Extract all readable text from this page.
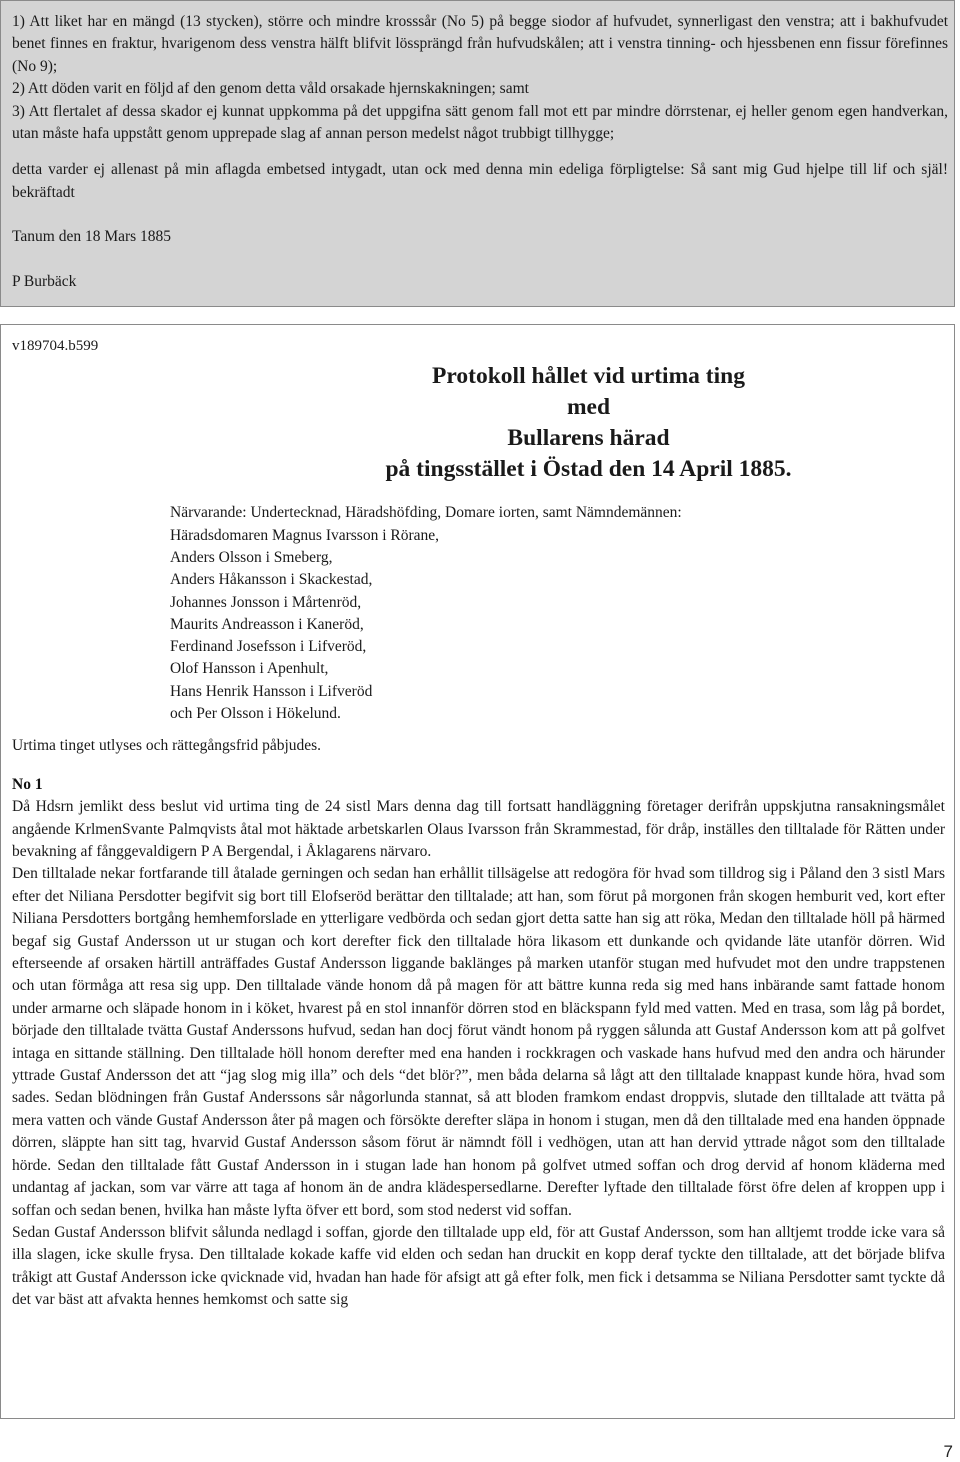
1) Att liket har en mängd (13 stycken), större och mindre krosssår (No 5) på begge siodor af hufvudet, synnerligast den venstra; att i bakhufvudet benet finnes en fraktur, hvarigenom dess venstra hälft blifvit lössprängd från hufvudskålen; att i venstra tinning- och hjessbenen enn fissur förefinnes (No 9);

2) Att döden varit en följd af den genom detta våld orsakade hjernskakningen; samt

3) Att flertalet af dessa skador ej kunnat uppkomma på det uppgifna sätt genom fall mot ett par mindre dörrstenar, ej heller genom egen handverkan, utan måste hafa uppstått genom upprepade slag af annan person medelst något trubbigt tillhygge;

detta varder ej allenast på min aflagda embetsed intygadt, utan ock med denna min edeliga förpligtelse: Så sant mig Gud hjelpe till lif och själ! bekräftadt

Tanum den 18 Mars 1885

P Burbäck

v189704.b599

Protokoll hållet vid urtima ting
med
Bullarens härad
på tingsstället i Östad den 14 April 1885.
Närvarande: Undertecknad, Häradshöfding, Domare iorten, samt Nämndemännen:
Häradsdomaren Magnus Ivarsson i Rörane,
Anders Olsson i Smeberg,
Anders Håkansson i Skackestad,
Johannes Jonsson i Mårtenröd,
Maurits Andreasson i Kaneröd,
Ferdinand Josefsson i Lifveröd,
Olof Hansson i Apenhult,
Hans Henrik Hansson i Lifveröd
och Per Olsson i Hökelund.

Urtima tinget utlyses och rättegångsfrid påbjudes.

No 1

Då Hdsrn jemlikt dess beslut vid urtima ting de 24 sistl Mars denna dag till fortsatt handläggning företager derifrån uppskjutna ransakningsmålet angående KrlmenSvante Palmqvists åtal mot häktade arbetskarlen Olaus Ivarsson från Skrammestad, för dråp, inställes den tilltalade för Rätten under bevakning af fånggevaldigern P A Bergendal, i Åklagarens närvaro.

Den tilltalade nekar fortfarande till åtalade gerningen och sedan han erhållit tillsägelse att redogöra för hvad som tilldrog sig i Påland den 3 sistl Mars efter det Niliana Persdotter begifvit sig bort till Elofseröd berättar den tilltalade; att han, som förut på morgonen från skogen hemburit ved, kort efter Niliana Persdotters bortgång hemhemforslade en ytterligare vedbörda och sedan gjort detta satte han sig att röka, Medan den tilltalade höll på härmed begaf sig Gustaf Andersson ut ur stugan och kort derefter fick den tilltalade höra likasom ett dunkande och qvidande läte utanför dörren. Wid efterseende af orsaken härtill anträffades Gustaf Andersson liggande baklänges på marken utanför stugan med hufvudet mot den undre trappstenen och utan förmåga att resa sig upp. Den tilltalade vände honom då på magen för att bättre kunna reda sig med hans inbärande samt fattade honom under armarne och släpade honom in i köket, hvarest på en stol innanför dörren stod en bläckspann fyld med vatten. Med en trasa, som låg på bordet, började den tilltalade tvätta Gustaf Anderssons hufvud, sedan han docj förut vändt honom på ryggen sålunda att Gustaf Andersson kom att på golfvet intaga en sittande ställning. Den tilltalade höll honom derefter med ena handen i rockkragen och vaskade hans hufvud med den andra och härunder yttrade Gustaf Andersson det att “jag slog mig illa” och dels “det blör?”, men båda delarna så lågt att den tilltalade knappast kunde höra, hvad som sades. Sedan blödningen från Gustaf Anderssons sår någorlunda stannat, så att bloden framkom endast droppvis, slutade den tilltalade att tvätta på mera vatten och vände Gustaf Andersson åter på magen och försökte derefter släpa in honom i stugan, men då den tilltalade med ena handen öppnade dörren, släppte han sitt tag, hvarvid Gustaf Andersson såsom förut är nämndt föll i vedhögen, utan att han dervid yttrade något som den tilltalade hörde. Sedan den tilltalade fått Gustaf Andersson in i stugan lade han honom på golfvet utmed soffan och drog dervid af honom kläderna med undantag af jackan, som var värre att taga af honom än de andra klädespersedlarne. Derefter lyftade den tilltalade först öfre delen af kroppen upp i soffan och sedan benen, hvilka han måste lyfta öfver ett bord, som stod nederst vid soffan.

Sedan Gustaf Andersson blifvit sålunda nedlagd i soffan, gjorde den tilltalade upp eld, för att Gustaf Andersson, som han alltjemt trodde icke vara så illa slagen, icke skulle frysa. Den tilltalade kokade kaffe vid elden och sedan han druckit en kopp deraf tyckte den tilltalade, att det började blifva tråkigt att Gustaf Andersson icke qvicknade vid, hvadan han hade för afsigt att gå efter folk, men fick i detsamma se Niliana Persdotter samt tyckte då det var bäst att afvakta hennes hemkomst och satte sig

7
